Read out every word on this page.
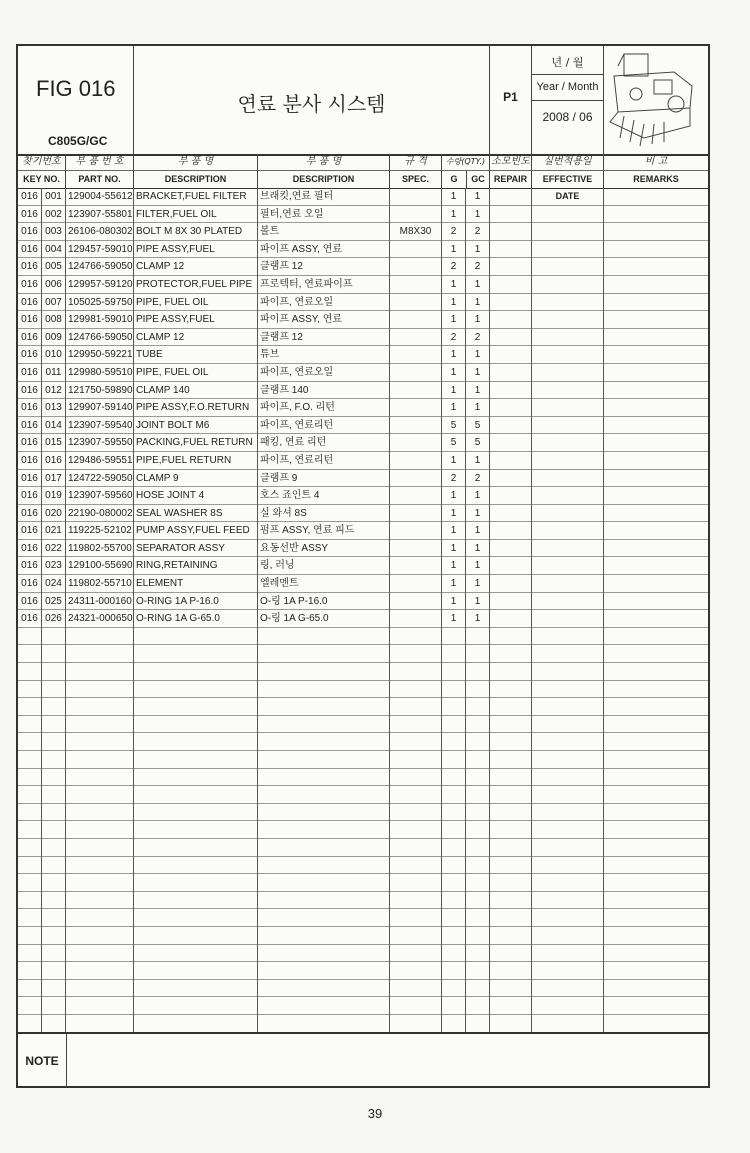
FIG 016
C805G/GC
연료 분사 시스템	P1
년 / 월
Year / Month
2008 / 06
찾기번호
KEY NO.
부 품 번 호
PART NO.
부 품 명
DESCRIPTION
부 품 명
DESCRIPTION
규 격
SPEC.
수량(QTY.)
G	GC
소모빈도
REPAIR
실번적용일
EFFECTIVE DATE
비 고
REMARKS
016 001 129004-55612 BRACKET,FUEL FILTER	브래킷,연료 필터	1	1
016 002 123907-55801 FILTER,FUEL OIL	필터,연료 오일	1	1
016 003 26106-080302 BOLT M 8X 30 PLATED	볼트	M8X30	2	2
016 004 129457-59010 PIPE ASSY,FUEL	파이프 ASSY, 연료	1	1
016 005 124766-59050 CLAMP 12	클램프 12	2	2
016 006 129957-59120 PROTECTOR,FUEL PIPE 프로텍터, 연료파이프	1	1
016 007 105025-59750 PIPE, FUEL OIL	파이프, 연료오일	1	1
016 008 129981-59010 PIPE ASSY,FUEL	파이프 ASSY, 연료	1	1
016 009 124766-59050 CLAMP 12	클램프 12	2	2
016 010 129950-59221 TUBE	튜브	1	1
016 011 129980-59510 PIPE, FUEL OIL	파이프, 연료오일	1	1
016 012 121750-59890 CLAMP 140	클램프 140	1	1
016 013 129907-59140 PIPE ASSY,F.O.RETURN	파이프, F.O. 리턴	1	1
016 014 123907-59540 JOINT BOLT M6	파이프, 연료리턴	5	5
016 015 123907-59550 PACKING,FUEL RETURN 패킹, 연료 리턴	5	5
016 016 129486-59551 PIPE,FUEL RETURN	파이프, 연료리턴	1	1
016 017 124722-59050 CLAMP 9	클램프 9	2	2
016 019 123907-59560 HOSE JOINT 4	호스 죠인트 4	1	1
016 020 22190-080002 SEAL WASHER 8S	실 와셔 8S	1	1
016 021 119225-52102 PUMP ASSY,FUEL FEED	펌프 ASSY, 연료 피드	1	1
016 022 119802-55700 SEPARATOR ASSY	요동선반 ASSY	1	1
016 023 129100-55690 RING,RETAINING	링, 러닝	1	1
016 024 119802-55710 ELEMENT	엘레멘트	1	1
016 025 24311-000160 O-RING 1A P-16.0	O-링 1A P-16.0	1	1
016 026 24321-000650 O-RING 1A G-65.0	O-링 1A G-65.0	1	1
NOTE
39
